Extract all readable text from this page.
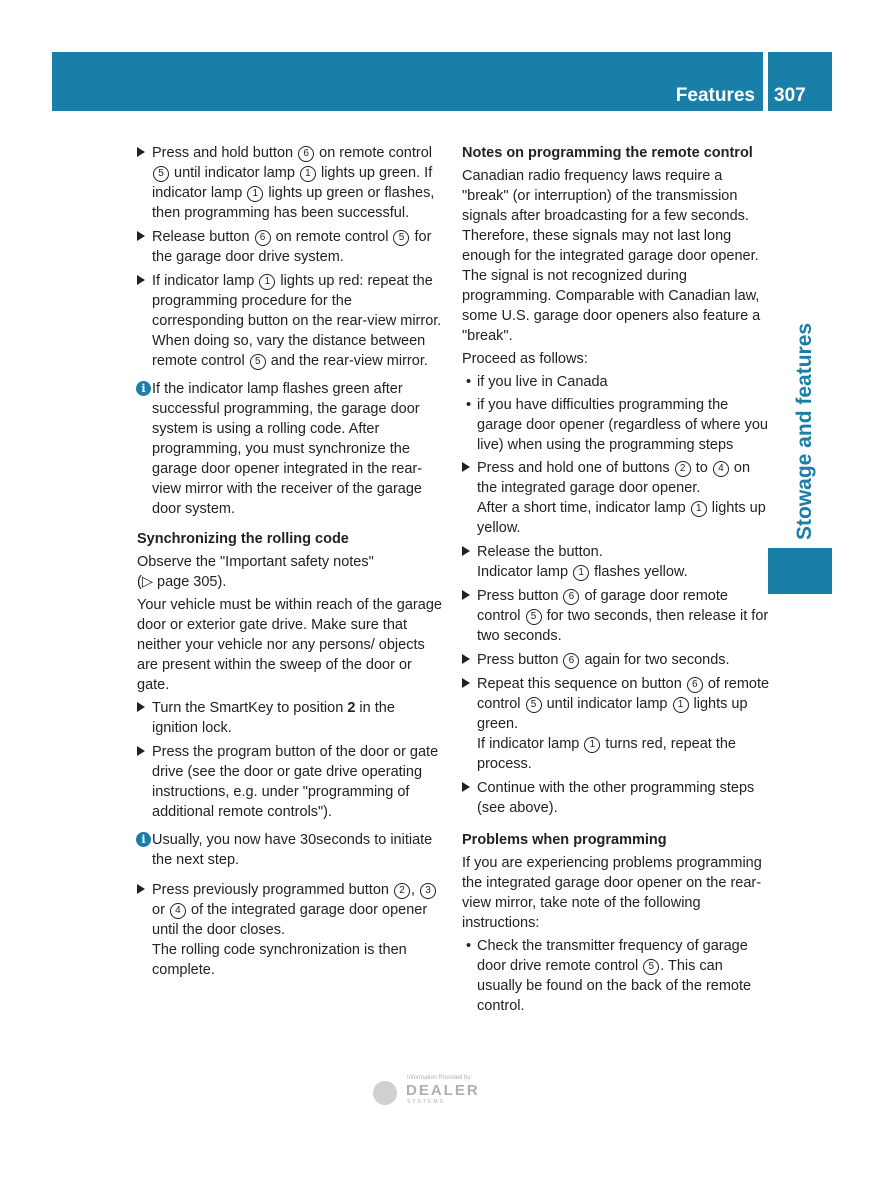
Features 307
Stowage and features
Press and hold button 6 on remote control 5 until indicator lamp 1 lights up green. If indicator lamp 1 lights up green or flashes, then programming has been successful.
Release button 6 on remote control 5 for the garage door drive system.
If indicator lamp 1 lights up red: repeat the programming procedure for the corresponding button on the rear-view mirror. When doing so, vary the distance between remote control 5 and the rear-view mirror.
i If the indicator lamp flashes green after successful programming, the garage door system is using a rolling code. After programming, you must synchronize the garage door opener integrated in the rear-view mirror with the receiver of the garage door system.
Synchronizing the rolling code

Observe the "Important safety notes"
(▷ page 305).

Your vehicle must be within reach of the garage door or exterior gate drive. Make sure that neither your vehicle nor any persons/ objects are present within the sweep of the door or gate.

Turn the SmartKey to position 2 in the ignition lock.
Press the program button of the door or gate drive (see the door or gate drive operating instructions, e.g. under "programming of additional remote controls").
i Usually, you now have 30seconds to initiate the next step.
Press previously programmed button 2 , 3 or 4 of the integrated garage door opener until the door closes.
The rolling code synchronization is then complete.
Notes on programming the remote control

Canadian radio frequency laws require a "break" (or interruption) of the transmission signals after broadcasting for a few seconds. Therefore, these signals may not last long enough for the integrated garage door opener. The signal is not recognized during programming. Comparable with Canadian law, some U.S. garage door openers also feature a "break".

Proceed as follows:

• if you live in Canada
• if you have difficulties programming the garage door opener (regardless of where you live) when using the programming steps
Press and hold one of buttons 2 to 4 on the integrated garage door opener.
After a short time, indicator lamp 1 lights up yellow.
Release the button.
Indicator lamp 1 flashes yellow.
Press button 6 of garage door remote control 5 for two seconds, then release it for two seconds.
Press button 6 again for two seconds.
Repeat this sequence on button 6 of remote control 5 until indicator lamp 1 lights up green.
If indicator lamp 1 turns red, repeat the process.
Continue with the other programming steps (see above).
Problems when programming

If you are experiencing problems programming the integrated garage door opener on the rear-view mirror, take note of the following instructions:

• Check the transmitter frequency of garage door drive remote control 5 . This can usually be found on the back of the remote control.
Information Provided by:
DEALER
SYSTEMS
